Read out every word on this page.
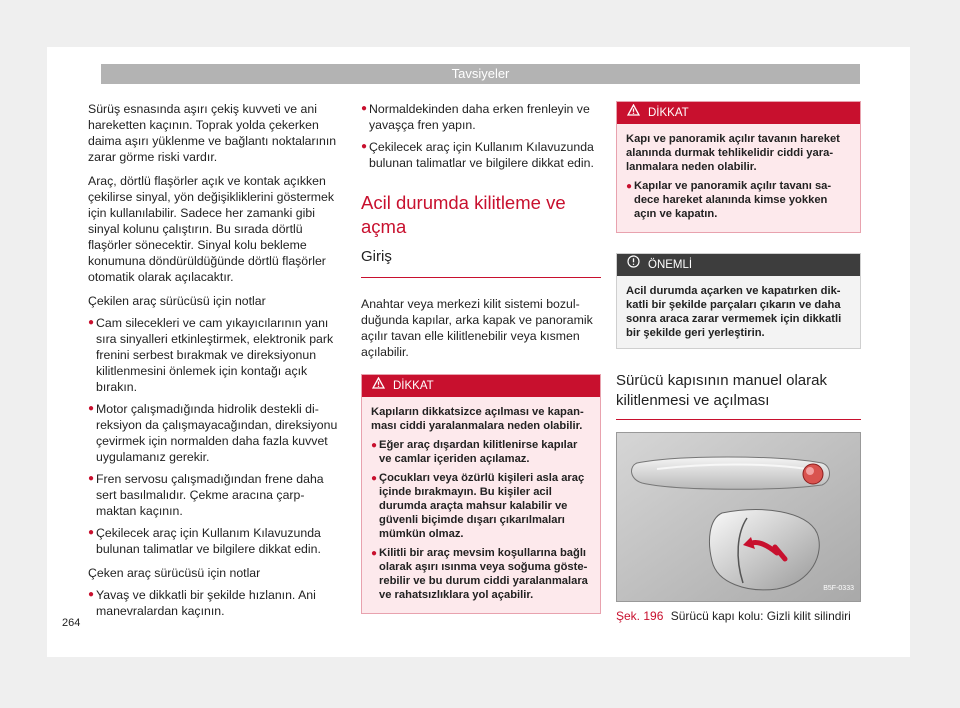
Tavsiyeler

Sürüş esnasında aşırı çekiş kuvveti ve ani hareketten kaçının. Toprak yolda çekerken daima aşırı yüklenme ve bağlantı noktalarının zarar görme riski vardır.

Araç, dörtlü flaşörler açık ve kontak açıkken çekilirse sinyal, yön değişikliklerini göstermek için kullanılabilir. Sadece her zamanki gibi sinyal kolunu çalıştırın. Bu sırada dörtlü flaşörler sönecektir. Sinyal kolu bekleme konumuna döndürüldüğünde dörtlü flaşörler otomatik olarak açılacaktır.

Çekilen araç sürücüsü için notlar

● Cam silecekleri ve cam yıkayıcılarının yanı sıra sinyalleri etkinleştirmek, elektronik park frenini serbest bırakmak ve direksiyonun kilitlenmesini önlemek için kontağı açık bırakın.
● Motor çalışmadığında hidrolik destekli direksiyon da çalışmayacağından, direksiyonu çevirmek için normalden daha fazla kuvvet uygulamanız gerekir.
● Fren servosu çalışmadığından frene daha sert basılmalıdır. Çekme aracına çarpmaktan kaçının.
● Çekilecek araç için Kullanım Kılavuzunda bulunan talimatlar ve bilgilere dikkat edin.

Çeken araç sürücüsü için notlar

● Yavaş ve dikkatli bir şekilde hızlanın. Ani manevralardan kaçının.
● Normaldekinden daha erken frenleyin ve yavaşça fren yapın.
● Çekilecek araç için Kullanım Kılavuzunda bulunan talimatlar ve bilgilere dikkat edin.
Acil durumda kilitleme ve açma
Giriş

Anahtar veya merkezi kilit sistemi bozulduğunda kapılar, arka kapak ve panoramik açılır tavan elle kilitlenebilir veya kısmen açılabilir.

DİKKAT

Kapıların dikkatsizce açılması ve kapanması ciddi yaralanmalara neden olabilir.

● Eğer araç dışardan kilitlenirse kapılar ve camlar içeriden açılamaz.
● Çocukları veya özürlü kişileri asla araç içinde bırakmayın. Bu kişiler acil durumda araçta mahsur kalabilir ve güvenli biçimde dışarı çıkarılmaları mümkün olmaz.
● Kilitli bir araç mevsim koşullarına bağlı olarak aşırı ısınma veya soğuma gösterebilir ve bu durum ciddi yaralanmalara ve rahatsızlıklara yol açabilir.
DİKKAT

Kapı ve panoramik açılır tavanın hareket alanında durmak tehlikelidir ciddi yaralanmalara neden olabilir.

● Kapılar ve panoramik açılır tavanı sadece hareket alanında kimse yokken açın ve kapatın.
ÖNEMLİ
Acil durumda açarken ve kapatırken dikkatli bir şekilde parçaları çıkarın ve daha sonra araca zarar vermemek için dikkatli bir şekilde geri yerleştirin.
Sürücü kapısının manuel olarak kilitlenmesi ve açılması
B5F-0333
Şek. 196 Sürücü kapı kolu: Gizli kilit silindiri
264
